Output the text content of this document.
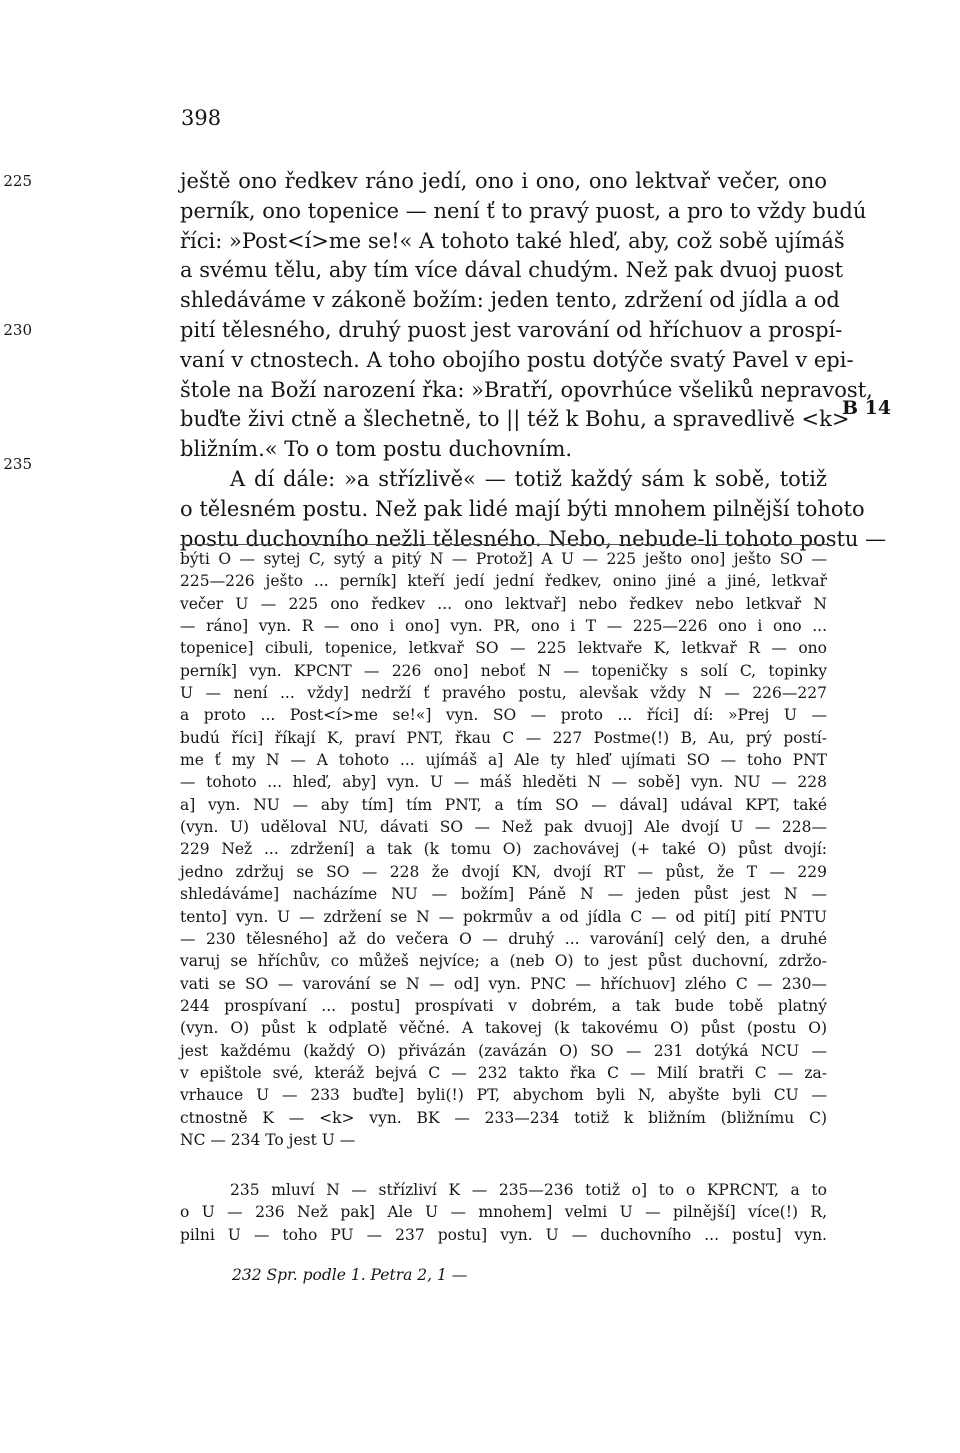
398
225
230
235
B 14
ještě ono ředkev ráno jedí, ono i ono, ono lektvař večer, ono
perník, ono topenice — není ť to pravý puost, a pro to vždy budú
říci: »Post<í>me se!« A tohoto také hleď, aby, což sobě ujímáš
a svému tělu, aby tím více dával chudým. Než pak dvuoj puost
shledáváme v zákoně božím: jeden tento, zdržení od jídla a od
pití tělesného, druhý puost jest varování od hříchuov a prospí-
vaní v ctnostech. A toho obojího postu dotýče svatý Pavel v epi-
štole na Boží narození řka: »Bratří, opovrhúce všeliků nepravost,
buďte živi ctně a šlechetně, to || též k Bohu, a spravedlivě <k>
bližním.« To o tom postu duchovním.
A dí dále: »a střízlivě« — totiž každý sám k sobě, totiž
o tělesném postu. Než pak lidé mají býti mnohem pilnější tohoto
postu duchovního nežli tělesného. Nebo, nebude-li tohoto postu —
býti O — sytej C, sytý a pitý N — Protož] A U — 225 ješto ono] ješto SO —
225—226 ješto ... perník] kteří jedí jední ředkev, onino jiné a jiné, letkvař
večer U — 225 ono ředkev ... ono lektvař] nebo ředkev nebo letkvař N
— ráno] vyn. R — ono i ono] vyn. PR, ono i T — 225—226 ono i ono ...
topenice] cibuli, topenice, letkvař SO — 225 lektvaře K, letkvař R — ono
perník] vyn. KPCNT — 226 ono] neboť N — topeničky s solí C, topinky
U — není ... vždy] nedrží ť pravého postu, alevšak vždy N — 226—227
a proto ... Post<í>me se!«] vyn. SO — proto ... říci] dí: »Prej U —
budú říci] říkají K, praví PNT, řkau C — 227 Postme(!) B, Au, prý postí-
me ť my N — A tohoto ... ujímáš a] Ale ty hleď ujímati SO — toho PNT
— tohoto ... hleď, aby] vyn. U — máš hleděti N — sobě] vyn. NU — 228
a] vyn. NU — aby tím] tím PNT, a tím SO — dával] udával KPT, také
(vyn. U) uděloval NU, dávati SO — Než pak dvuoj] Ale dvojí U — 228—
229 Než ... zdržení] a tak (k tomu O) zachovávej (+ také O) půst dvojí:
jedno zdržuj se SO — 228 že dvojí KN, dvojí RT — půst, že T — 229
shledáváme] nacházíme NU — božím] Páně N — jeden půst jest N —
tento] vyn. U — zdržení se N — pokrmův a od jídla C — od pití] pití PNTU
— 230 tělesného] až do večera O — druhý ... varování] celý den, a druhé
varuj se hříchův, co můžeš nejvíce; a (neb O) to jest půst duchovní, zdržo-
vati se SO — varování se N — od] vyn. PNC — hříchuov] zlého C — 230—
244 prospívaní ... postu] prospívati v dobrém, a tak bude tobě platný
(vyn. O) půst k odplatě věčné. A takovej (k takovému O) půst (postu O)
jest každému (každý O) přivázán (zavázán O) SO — 231 dotýká NCU —
v epištole své, kteráž bejvá C — 232 takto řka C — Milí bratři C — za-
vrhauce U — 233 buďte] byli(!) PT, abychom byli N, abyšte byli CU —
ctnostně K — <k> vyn. BK — 233—234 totiž k bližním (bližnímu C)
NC — 234 To jest U —
235 mluví N — střízliví K — 235—236 totiž o] to o KPRCNT, a to
o U — 236 Než pak] Ale U — mnohem] velmi U — pilnější] více(!) R,
pilni U — toho PU — 237 postu] vyn. U — duchovního ... postu] vyn.
232 Spr. podle 1. Petra 2, 1 —
